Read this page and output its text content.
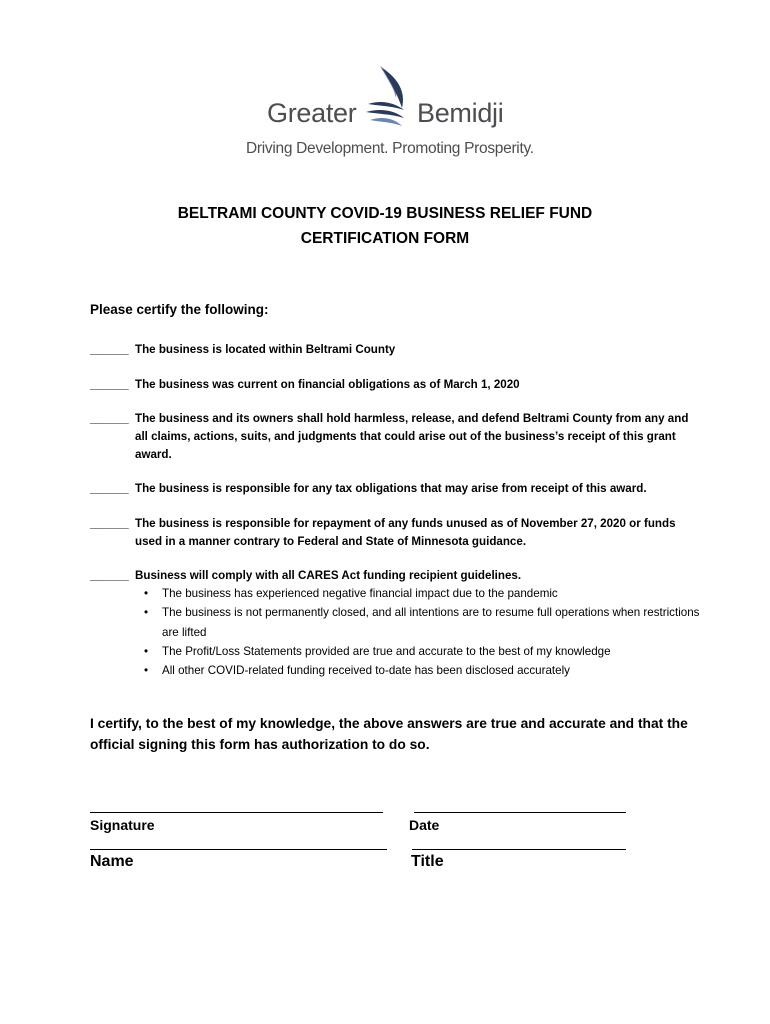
Greater Bemidji
Driving Development. Promoting Prosperity.
BELTRAMI COUNTY COVID-19 BUSINESS RELIEF FUND
CERTIFICATION FORM
Please certify the following:
______ The business is located within Beltrami County
______ The business was current on financial obligations as of March 1, 2020
______ The business and its owners shall hold harmless, release, and defend Beltrami County from any and all claims, actions, suits, and judgments that could arise out of the business’s receipt of this grant award.
______ The business is responsible for any tax obligations that may arise from receipt of this award.
______ The business is responsible for repayment of any funds unused as of November 27, 2020 or funds used in a manner contrary to Federal and State of Minnesota guidance.
______ Business will comply with all CARES Act funding recipient guidelines.
• The business has experienced negative financial impact due to the pandemic
• The business is not permanently closed, and all intentions are to resume full operations when restrictions are lifted
• The Profit/Loss Statements provided are true and accurate to the best of my knowledge
• All other COVID-related funding received to-date has been disclosed accurately
I certify, to the best of my knowledge, the above answers are true and accurate and that the official signing this form has authorization to do so.
Signature	Date
Name	Title
